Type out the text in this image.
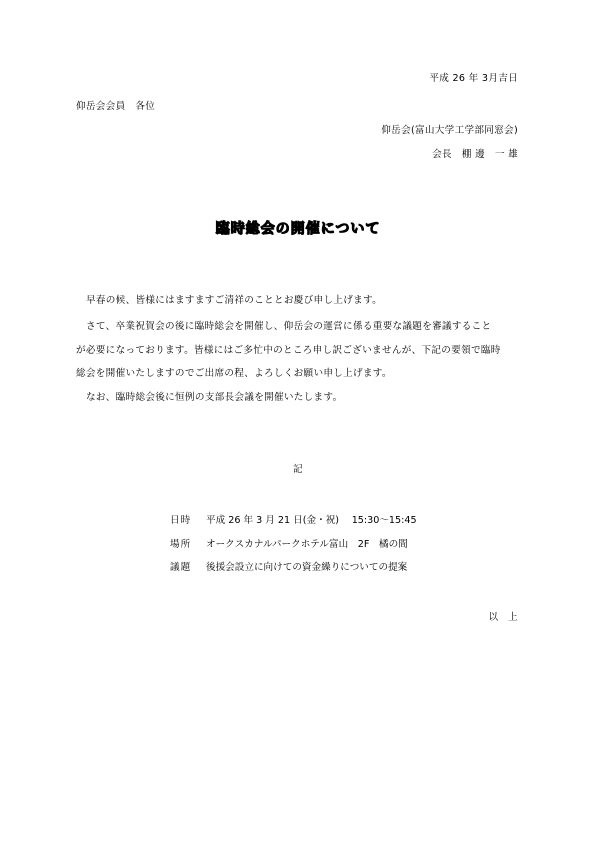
平成 26 年 3月吉日
仰岳会会員　各位
仰岳会(富山大学工学部同窓会)
会長　棚 邊　一 雄
臨時総会の開催について
早春の候、皆様にはますますご清祥のこととお慶び申し上げます。
さて、卒業祝賀会の後に臨時総会を開催し、仰岳会の運営に係る重要な議題を審議すること
が必要になっております。皆様にはご多忙中のところ申し訳ございませんが、下記の要領で臨時
総会を開催いたしますのでご出席の程、よろしくお願い申し上げます。
なお、臨時総会後に恒例の支部長会議を開催いたします。
記
日時 平成 26 年 3 月 21 日(金・祝)　 15:30～15:45
場所 オークスカナルパークホテル富山　2F　橘の間
議題 後援会設立に向けての資金繰りについての提案
以　上
